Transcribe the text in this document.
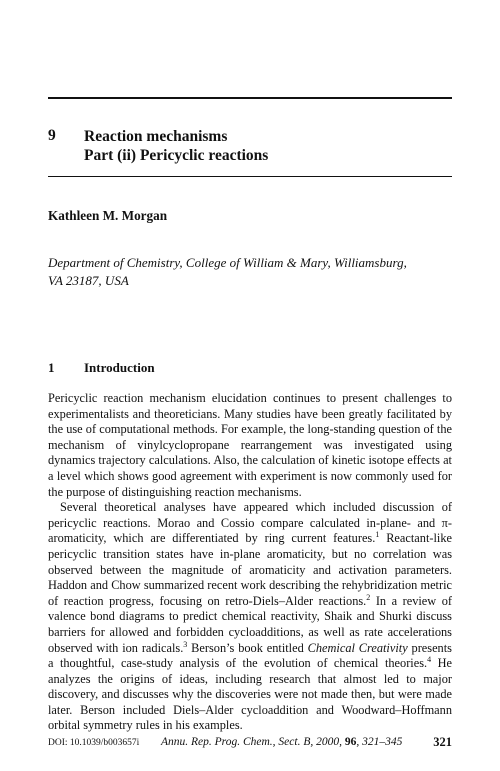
9 Reaction mechanisms
Part (ii) Pericyclic reactions
Kathleen M. Morgan
Department of Chemistry, College of William & Mary, Williamsburg,
VA 23187, USA
1 Introduction

Pericyclic reaction mechanism elucidation continues to present challenges to experimentalists and theoreticians. Many studies have been greatly facilitated by the use of computational methods. For example, the long-standing question of the mechanism of vinylcyclopropane rearrangement was investigated using dynamics trajectory calculations. Also, the calculation of kinetic isotope effects at a level which shows good agreement with experiment is now commonly used for the purpose of distinguishing reaction mechanisms.

Several theoretical analyses have appeared which included discussion of pericyclic reactions. Morao and Cossio compare calculated in-plane- and π-aromaticity, which are differentiated by ring current features.$^1$ Reactant-like pericyclic transition states have in-plane aromaticity, but no correlation was observed between the magnitude of aromaticity and activation parameters. Haddon and Chow summarized recent work describing the rehybridization metric of reaction progress, focusing on retro-Diels–Alder reactions.$^2$ In a review of valence bond diagrams to predict chemical reactivity, Shaik and Shurki discuss barriers for allowed and forbidden cycloadditions, as well as rate accelerations observed with ion radicals.$^3$ Berson’s book entitled Chemical Creativity presents a thoughtful, case-study analysis of the evolution of chemical theories.$^4$ He analyzes the origins of ideas, including research that almost led to major discovery, and discusses why the discoveries were not made then, but were made later. Berson included Diels–Alder cycloaddition and Woodward–Hoffmann orbital symmetry rules in his examples.

DOI: 10.1039/b003657i Annu. Rep. Prog. Chem., Sect. B, 2000, 96, 321–345 321
